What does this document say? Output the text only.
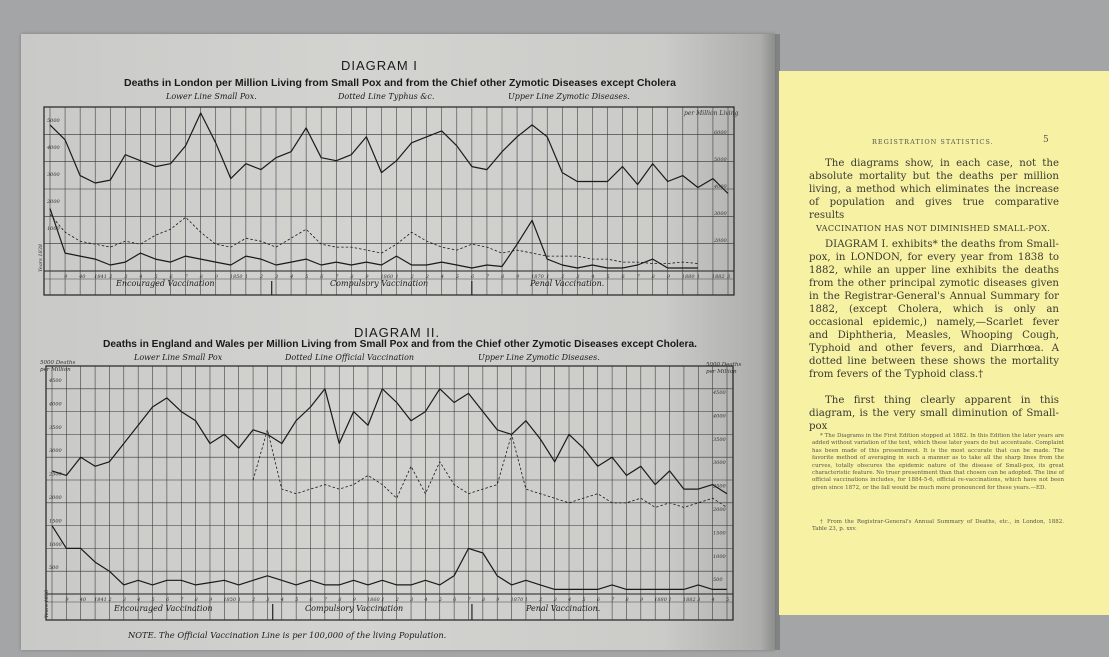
DIAGRAM I
Deaths in London per Million Living from Small Pox and from the Chief other Zymotic Diseases except Cholera
Lower Line Small Pox.	Dotted Line Typhus &c.	Upper Line Zymotic Diseases.
per Million Living
Years 1838
Encouraged Vaccination	Compulsory Vaccination	Penal Vaccination.
DIAGRAM II.
Deaths in England and Wales per Million Living from Small Pox and from the Chief other Zymotic Diseases except Cholera.
Lower Line Small Pox	Dotted Line Official Vaccination	Upper Line Zymotic Diseases.
5000 Deaths per Million
5000 Deaths per Million
Years 1838	Encouraged Vaccination	Compulsory Vaccination	Penal Vaccination.
NOTE. The Official Vaccination Line is per 100,000 of the living Population.
5000
4000
3000
2000
1000
6000
5000
4000
3000
2000
9 40 1841 2 3 4 5 6 7 8 9 1850 1 2 3 4 5 6 7 8 9 1860 1 2 3 4 5 6 7 8 9 1870 1 2 3 4 5 6 7 8 9 1880 1 1882 3
4500
4000
3500
3000
2500
2000
1500
1000
500
4500
4000
3500
3000
2500
2000
1500
1000
500
9 40 1841 2 3 4 5 6 7 8 9 1850 1 2 3 4 5 6 7 8 9 1860 1 2 3 4 5 6 7 8 9 1870 1 2 3 4 5 6 7 8 9 1880 1 1882 3 4 5
REGISTRATION STATISTICS.	5

The diagrams show, in each case, not the absolute mortality but the deaths per million living, a method which eliminates the increase of population and gives true comparative results

VACCINATION HAS NOT DIMINISHED SMALL-POX.

DIAGRAM I. exhibits* the deaths from Small-pox, in LONDON, for every year from 1838 to 1882, while an upper line exhibits the deaths from the other principal zymotic diseases given in the Registrar-General's Annual Summary for 1882, (except Cholera, which is only an occasional epidemic,) namely,—Scarlet fever and Diphtheria, Measles, Whooping Cough, Typhoid and other fevers, and Diarrhœa. A dotted line between these shows the mortality from fevers of the Typhoid class.†

The first thing clearly apparent in this diagram, is the very small diminution of Small-pox

* The Diagrams in the First Edition stopped at 1882. In this Edition the later years are added without variation of the text, which these later years do but accentuate. Complaint has been made of this presentment. It is the most accurate that can be made. The favorite method of averaging in such a manner as to take all the sharp lines from the curves, totally obscures the epidemic nature of the disease of Small-pox, its great characteristic feature. No truer presentment than that chosen can be adopted. The line of official vaccinations includes, for 1884-5-6, official re-vaccinations, which have not been given since 1872, or the fall would be much more pronounced for these years.—ED.

† From the Registrar-General's Annual Summary of Deaths, etc., in London, 1882. Table 23, p. xxv.
